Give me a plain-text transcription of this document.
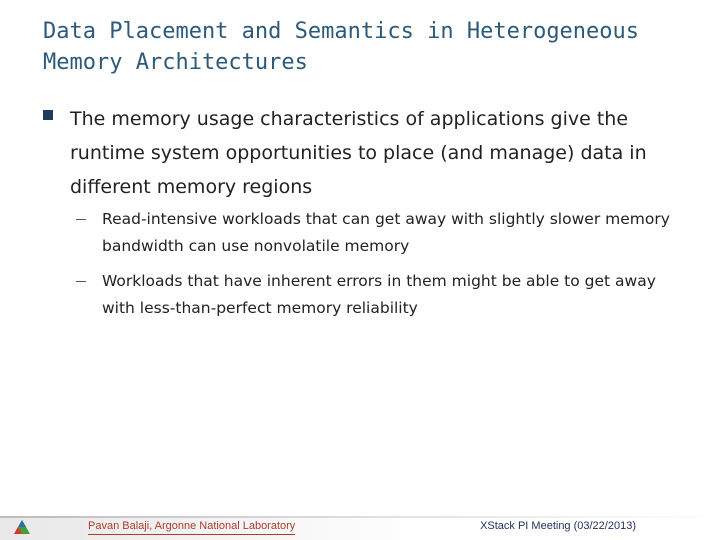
Data Placement and Semantics in Heterogeneous Memory Architectures
The memory usage characteristics of applications give the runtime system opportunities to place (and manage) data in different memory regions
Read-intensive workloads that can get away with slightly slower memory bandwidth can use nonvolatile memory
Workloads that have inherent errors in them might be able to get away with less-than-perfect memory reliability
Pavan Balaji, Argonne National Laboratory	XStack PI Meeting (03/22/2013)
